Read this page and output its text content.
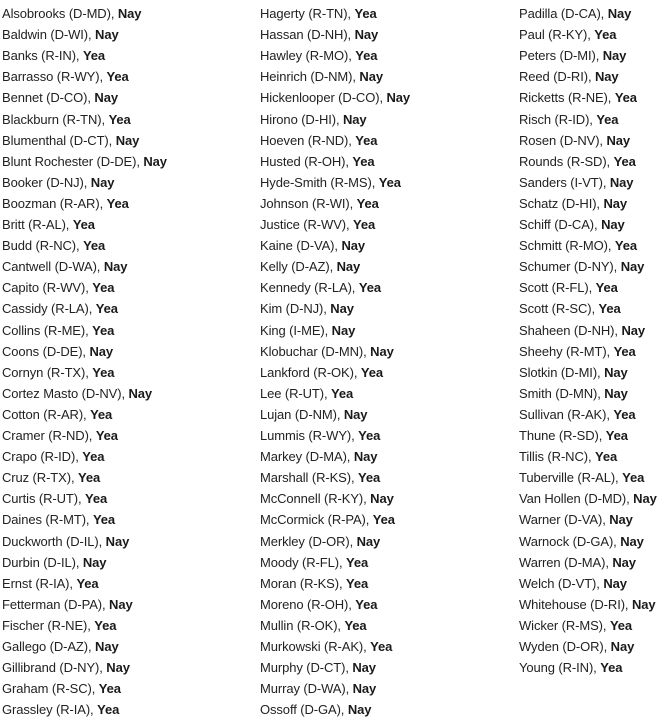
Alsobrooks (D-MD), Nay
Baldwin (D-WI), Nay
Banks (R-IN), Yea
Barrasso (R-WY), Yea
Bennet (D-CO), Nay
Blackburn (R-TN), Yea
Blumenthal (D-CT), Nay
Blunt Rochester (D-DE), Nay
Booker (D-NJ), Nay
Boozman (R-AR), Yea
Britt (R-AL), Yea
Budd (R-NC), Yea
Cantwell (D-WA), Nay
Capito (R-WV), Yea
Cassidy (R-LA), Yea
Collins (R-ME), Yea
Coons (D-DE), Nay
Cornyn (R-TX), Yea
Cortez Masto (D-NV), Nay
Cotton (R-AR), Yea
Cramer (R-ND), Yea
Crapo (R-ID), Yea
Cruz (R-TX), Yea
Curtis (R-UT), Yea
Daines (R-MT), Yea
Duckworth (D-IL), Nay
Durbin (D-IL), Nay
Ernst (R-IA), Yea
Fetterman (D-PA), Nay
Fischer (R-NE), Yea
Gallego (D-AZ), Nay
Gillibrand (D-NY), Nay
Graham (R-SC), Yea
Grassley (R-IA), Yea
Hagerty (R-TN), Yea
Hassan (D-NH), Nay
Hawley (R-MO), Yea
Heinrich (D-NM), Nay
Hickenlooper (D-CO), Nay
Hirono (D-HI), Nay
Hoeven (R-ND), Yea
Husted (R-OH), Yea
Hyde-Smith (R-MS), Yea
Johnson (R-WI), Yea
Justice (R-WV), Yea
Kaine (D-VA), Nay
Kelly (D-AZ), Nay
Kennedy (R-LA), Yea
Kim (D-NJ), Nay
King (I-ME), Nay
Klobuchar (D-MN), Nay
Lankford (R-OK), Yea
Lee (R-UT), Yea
Lujan (D-NM), Nay
Lummis (R-WY), Yea
Markey (D-MA), Nay
Marshall (R-KS), Yea
McConnell (R-KY), Nay
McCormick (R-PA), Yea
Merkley (D-OR), Nay
Moody (R-FL), Yea
Moran (R-KS), Yea
Moreno (R-OH), Yea
Mullin (R-OK), Yea
Murkowski (R-AK), Yea
Murphy (D-CT), Nay
Murray (D-WA), Nay
Ossoff (D-GA), Nay
Padilla (D-CA), Nay
Paul (R-KY), Yea
Peters (D-MI), Nay
Reed (D-RI), Nay
Ricketts (R-NE), Yea
Risch (R-ID), Yea
Rosen (D-NV), Nay
Rounds (R-SD), Yea
Sanders (I-VT), Nay
Schatz (D-HI), Nay
Schiff (D-CA), Nay
Schmitt (R-MO), Yea
Schumer (D-NY), Nay
Scott (R-FL), Yea
Scott (R-SC), Yea
Shaheen (D-NH), Nay
Sheehy (R-MT), Yea
Slotkin (D-MI), Nay
Smith (D-MN), Nay
Sullivan (R-AK), Yea
Thune (R-SD), Yea
Tillis (R-NC), Yea
Tuberville (R-AL), Yea
Van Hollen (D-MD), Nay
Warner (D-VA), Nay
Warnock (D-GA), Nay
Warren (D-MA), Nay
Welch (D-VT), Nay
Whitehouse (D-RI), Nay
Wicker (R-MS), Yea
Wyden (D-OR), Nay
Young (R-IN), Yea
